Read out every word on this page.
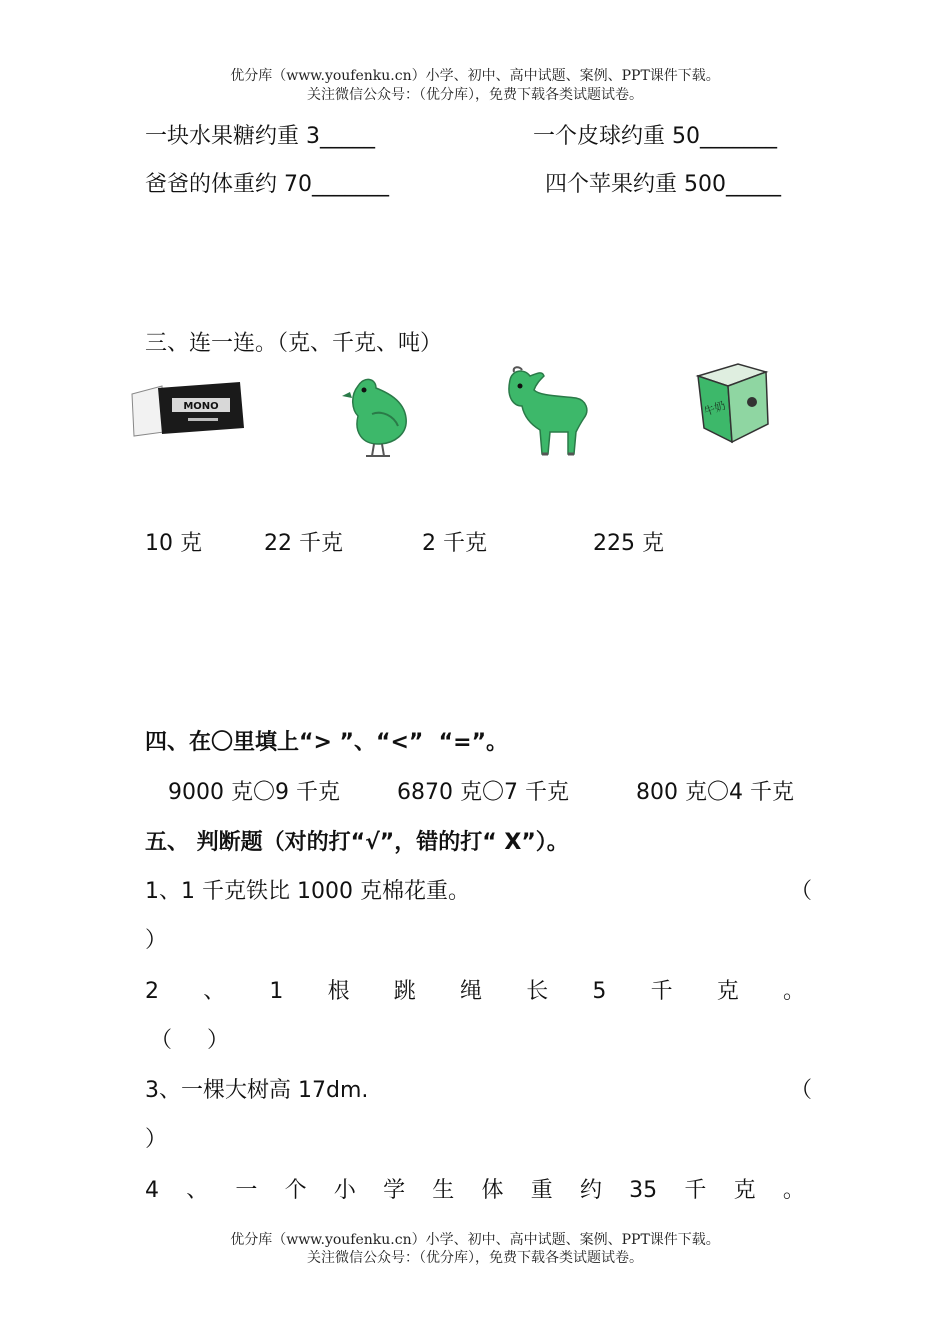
优分库（www.youfenku.cn）小学、初中、高中试题、案例、PPT课件下载。
关注微信公众号：（优分库），免费下载各类试题试卷。
一块水果糖约重 3_____	一个皮球约重 50_______
爸爸的体重约 70_______	四个苹果约重 500_____
三、连一连。（克、千克、吨）
MONO	牛奶
10 克	22 千克	2 千克	225 克
四、在〇里填上“> ”、“<”  “=”。
9000 克〇9 千克	6870 克〇7 千克	800 克〇4 千克
五、 判断题（对的打“√”，错的打“ X”）。
1、1 千克铁比 1000 克棉花重。	（
）
2 、 1 根 跳 绳 长 5 千 克 。
（     ）
3、一棵大树高 17dm.	（
）
4 、 一 个 小 学 生 体 重 约 35 千 克 。
优分库（www.youfenku.cn）小学、初中、高中试题、案例、PPT课件下载。
关注微信公众号：（优分库），免费下载各类试题试卷。
